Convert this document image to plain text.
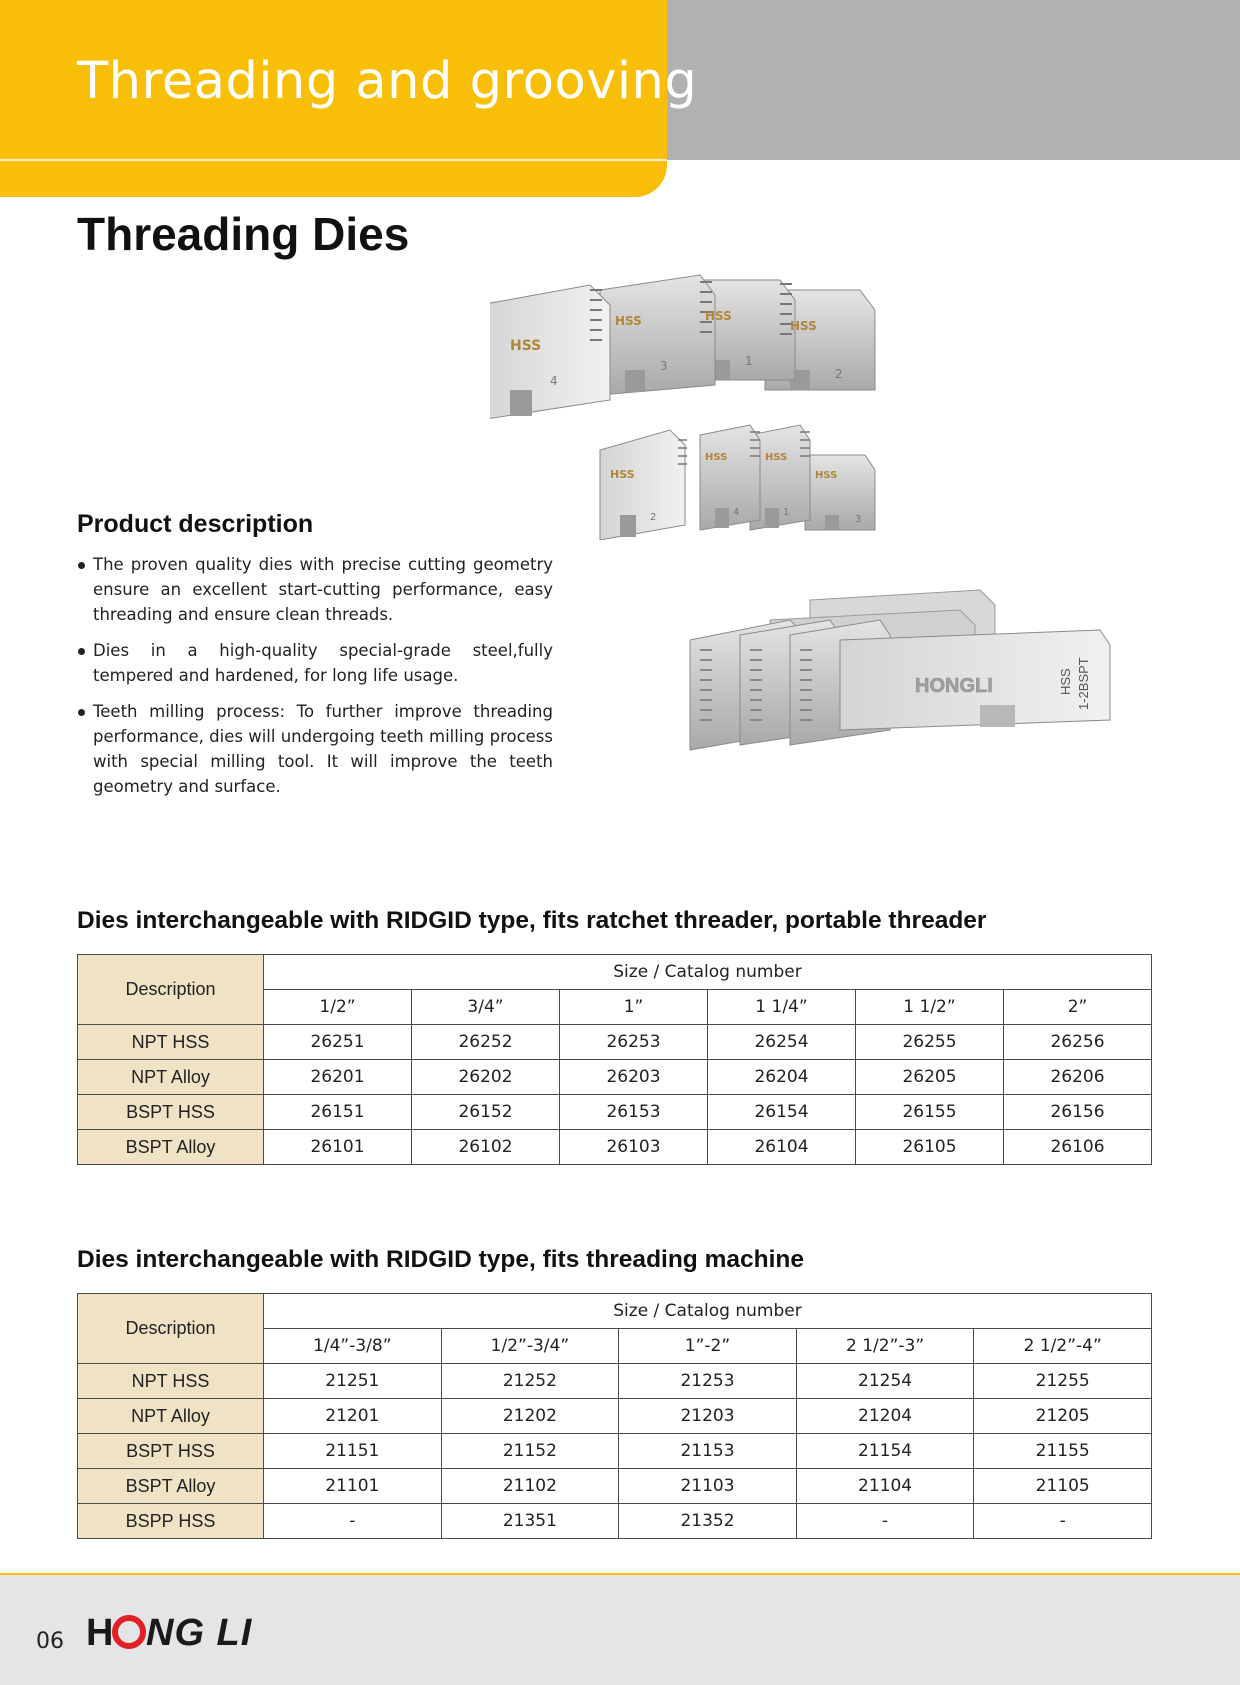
Threading and grooving
Threading Dies
HSS
HSS	HSS
HSS
4
3	1
2
HSS
HSS	HSS
HSS
2	4	1
3
HONGLI	HSS 1-2BSPT
Product description
The proven quality dies with precise cutting geometry ensure an excellent start-cutting performance, easy threading and ensure clean threads.
Dies in a high-quality special-grade steel,fully tempered and hardened, for long life usage.
Teeth milling process: To further improve threading performance, dies will undergoing teeth milling process with special milling tool. It will improve the teeth geometry and surface.
Dies interchangeable with RIDGID type, fits ratchet threader, portable threader
Description	Size / Catalog number					
	1/2”	3/4”	1”	1 1/4”	1 1/2”	2”
NPT HSS	26251	26252	26253	26254	26255	26256
NPT Alloy	26201	26202	26203	26204	26205	26206
BSPT HSS	26151	26152	26153	26154	26155	26156
BSPT Alloy	26101	26102	26103	26104	26105	26106
Dies interchangeable with RIDGID type, fits threading machine
Description	Size / Catalog number				
	1/4”-3/8”	1/2”-3/4”	1”-2”	2 1/2”-3”	2 1/2”-4”
NPT HSS	21251	21252	21253	21254	21255
NPT Alloy	21201	21202	21203	21204	21205
BSPT HSS	21151	21152	21153	21154	21155
BSPT Alloy	21101	21102	21103	21104	21105
BSPP HSS	-	21351	21352	-	-
06 H NG LI
